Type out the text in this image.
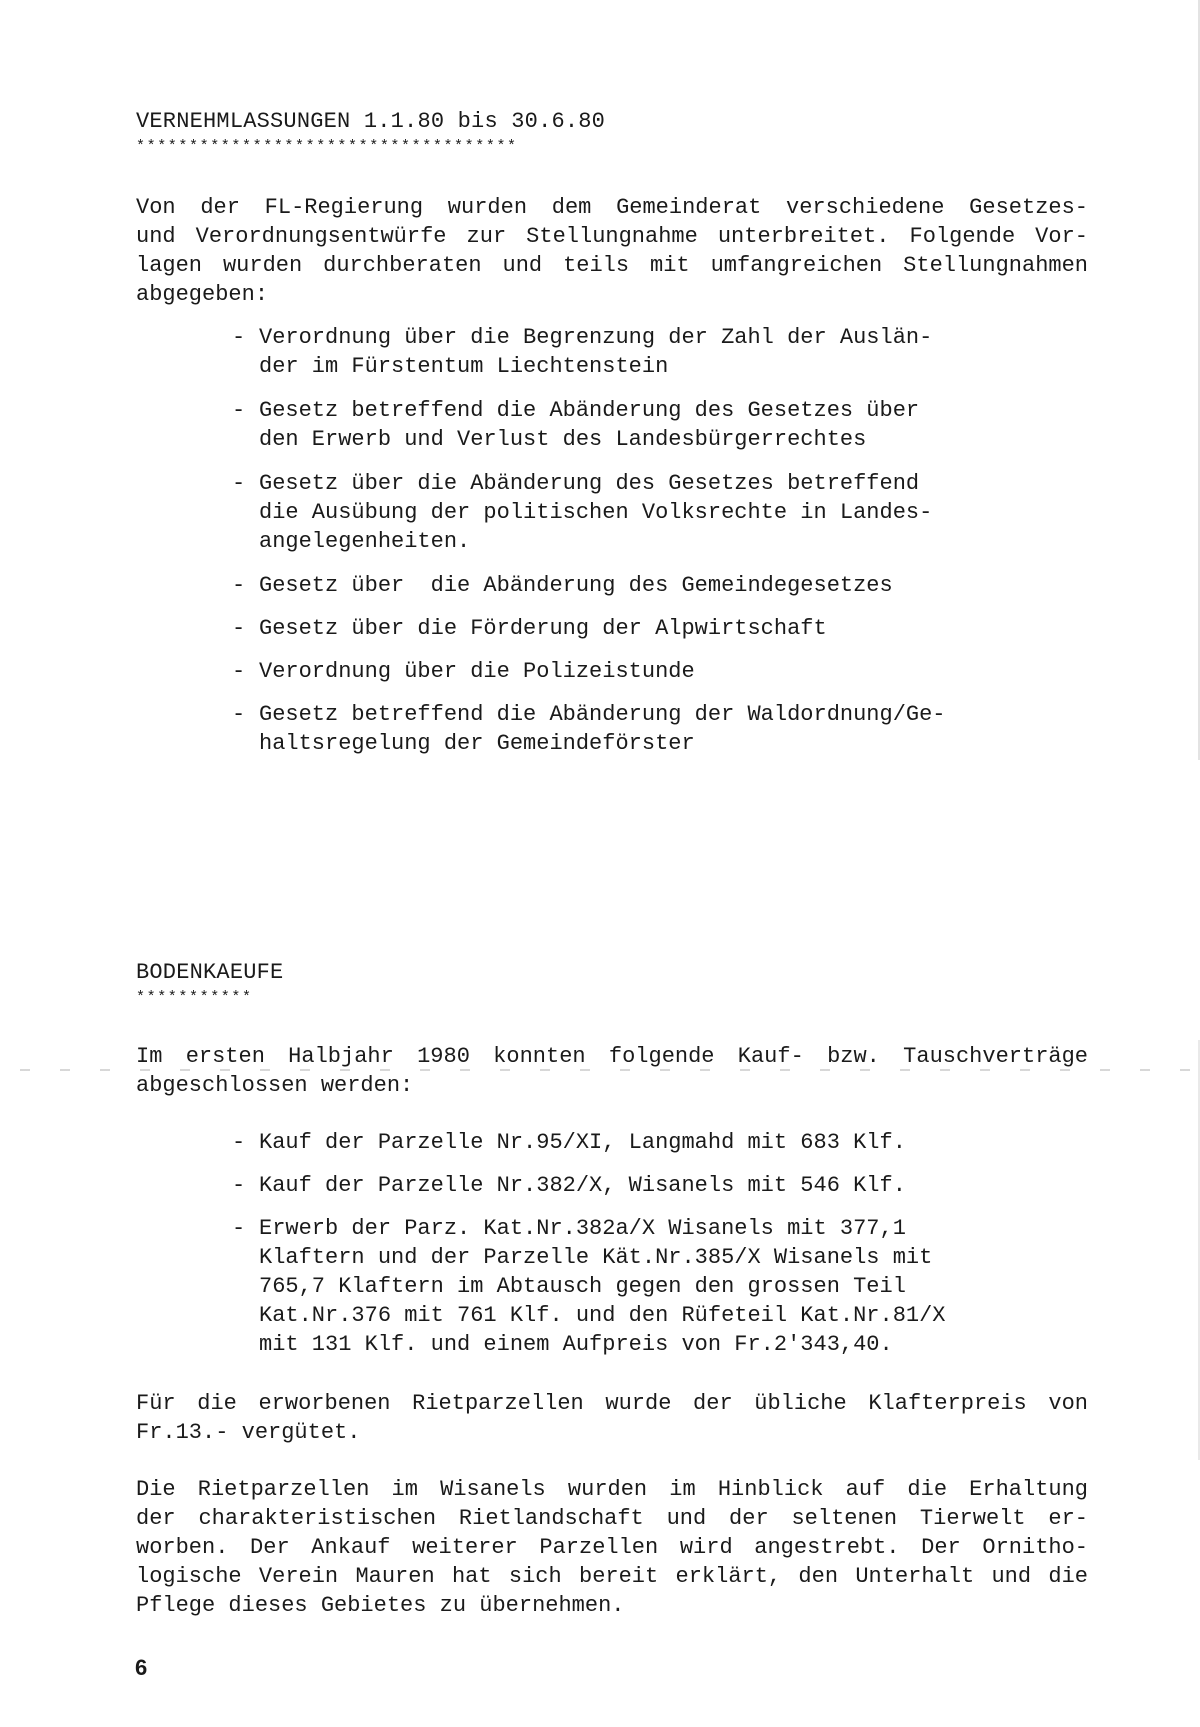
VERNEHMLASSUNGEN 1.1.80 bis 30.6.80
************************************
Von der FL-Regierung wurden dem Gemeinderat verschiedene Gesetzes-
und Verordnungsentwürfe zur Stellungnahme unterbreitet. Folgende Vor-
lagen wurden durchberaten und teils mit umfangreichen Stellungnahmen
abgegeben:
- Verordnung über die Begrenzung der Zahl der Auslän-
der im Fürstentum Liechtenstein
- Gesetz betreffend die Abänderung des Gesetzes über
den Erwerb und Verlust des Landesbürgerrechtes
- Gesetz über die Abänderung des Gesetzes betreffend
die Ausübung der politischen Volksrechte in Landes-
angelegenheiten.
- Gesetz über  die Abänderung des Gemeindegesetzes
- Gesetz über die Förderung der Alpwirtschaft
- Verordnung über die Polizeistunde
- Gesetz betreffend die Abänderung der Waldordnung/Ge-
haltsregelung der Gemeindeförster
BODENKAEUFE
***********
Im ersten Halbjahr 1980 konnten folgende Kauf- bzw. Tauschverträge
abgeschlossen werden:
- Kauf der Parzelle Nr.95/XI, Langmahd mit 683 Klf.
- Kauf der Parzelle Nr.382/X, Wisanels mit 546 Klf.
- Erwerb der Parz. Kat.Nr.382a/X Wisanels mit 377,1
Klaftern und der Parzelle Kät.Nr.385/X Wisanels mit
765,7 Klaftern im Abtausch gegen den grossen Teil
Kat.Nr.376 mit 761 Klf. und den Rüfeteil Kat.Nr.81/X
mit 131 Klf. und einem Aufpreis von Fr.2'343,40.
Für die erworbenen Rietparzellen wurde der übliche Klafterpreis von
Fr.13.- vergütet.
Die Rietparzellen im Wisanels wurden im Hinblick auf die Erhaltung
der charakteristischen Rietlandschaft und der seltenen Tierwelt er-
worben. Der Ankauf weiterer Parzellen wird angestrebt. Der Ornitho-
logische Verein Mauren hat sich bereit erklärt, den Unterhalt und die
Pflege dieses Gebietes zu übernehmen.
6
